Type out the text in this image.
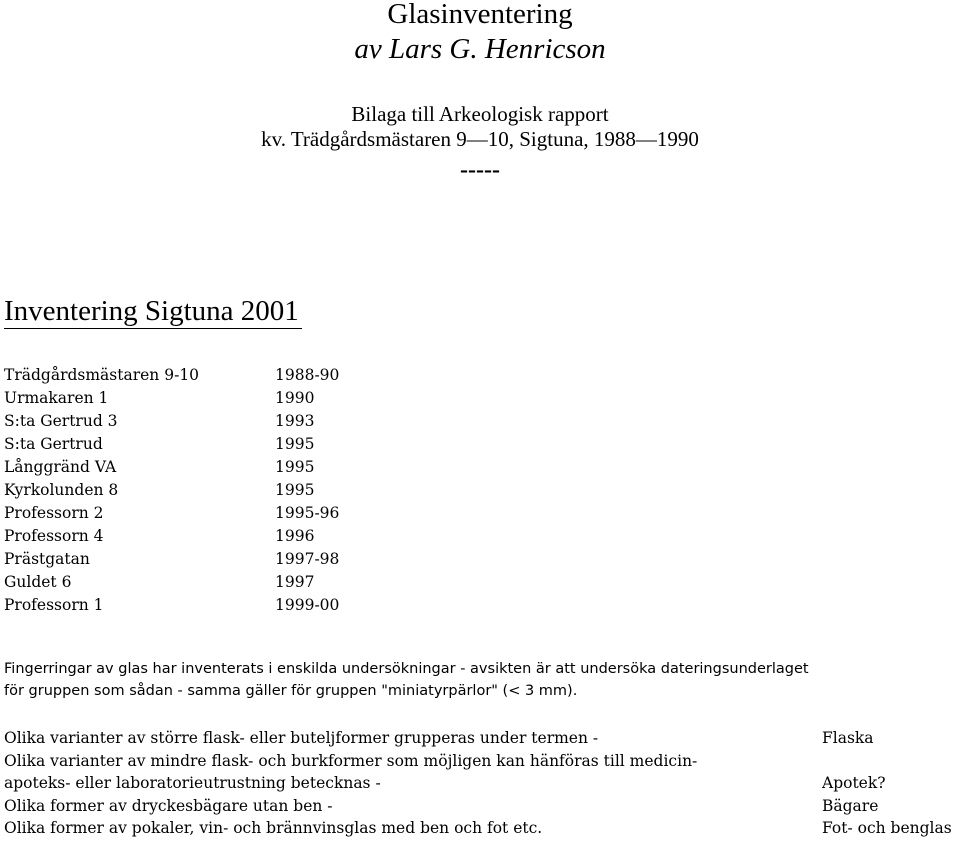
Glasinventering
av Lars G. Henricson
Bilaga till Arkeologisk rapport
kv. Trädgårdsmästaren 9—10, Sigtuna, 1988—1990
-----
Inventering Sigtuna 2001
Trädgårdsmästaren 9-10	1988-90
Urmakaren 1	1990
S:ta Gertrud 3	1993
S:ta Gertrud	1995
Långgränd VA	1995
Kyrkolunden 8	1995
Professorn 2	1995-96
Professorn 4	1996
Prästgatan	1997-98
Guldet 6	1997
Professorn 1	1999-00
Fingerringar av glas har inventerats i enskilda undersökningar - avsikten är att undersöka dateringsunderlaget
för gruppen som sådan - samma gäller för gruppen "miniatyrpärlor" (< 3 mm).
Olika varianter av större flask- eller buteljformer grupperas under termen -	Flaska
Olika varianter av mindre flask- och burkformer som möjligen kan hänföras till medicin-
apoteks- eller laboratorieutrustning betecknas -	Apotek?
Olika former av dryckesbägare utan ben -	Bägare
Olika former av pokaler, vin- och brännvinsglas med ben och fot etc.	Fot- och benglas
